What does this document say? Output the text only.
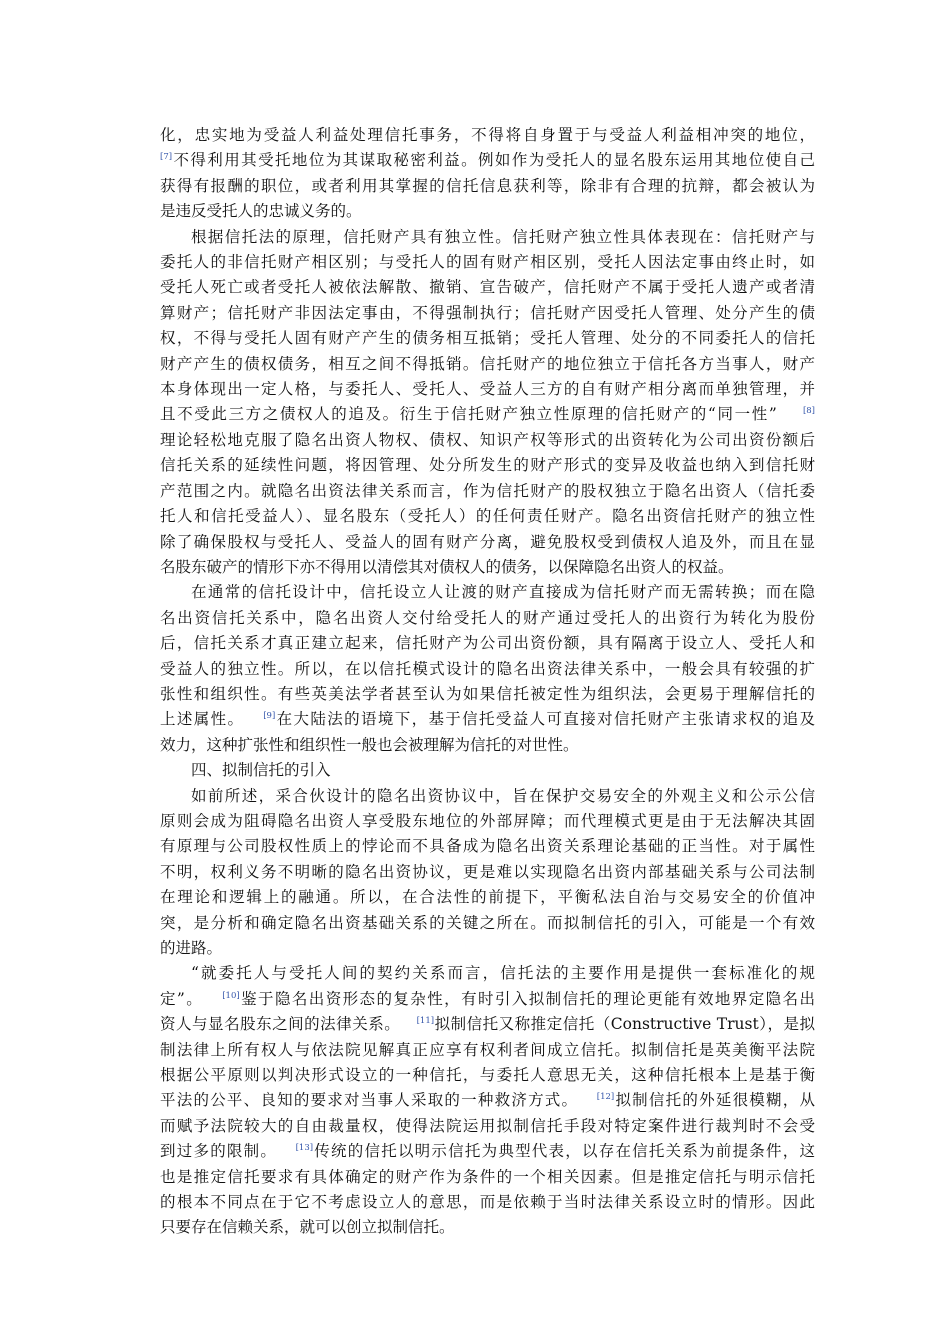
化，忠实地为受益人利益处理信托事务，不得将自身置于与受益人利益相冲突的地位，
[7]不得利用其受托地位为其谋取秘密利益。例如作为受托人的显名股东运用其地位使自己
获得有报酬的职位，或者利用其掌握的信托信息获利等，除非有合理的抗辩，都会被认为
是违反受托人的忠诚义务的。

根据信托法的原理，信托财产具有独立性。信托财产独立性具体表现在：信托财产与
委托人的非信托财产相区别；与受托人的固有财产相区别，受托人因法定事由终止时，如
受托人死亡或者受托人被依法解散、撤销、宣告破产，信托财产不属于受托人遗产或者清
算财产；信托财产非因法定事由，不得强制执行；信托财产因受托人管理、处分产生的债
权，不得与受托人固有财产产生的债务相互抵销；受托人管理、处分的不同委托人的信托
财产产生的债权债务，相互之间不得抵销。信托财产的地位独立于信托各方当事人，财产
本身体现出一定人格，与委托人、受托人、受益人三方的自有财产相分离而单独管理，并
且不受此三方之债权人的追及。衍生于信托财产独立性原理的信托财产的“同一性”	[8]
理论轻松地克服了隐名出资人物权、债权、知识产权等形式的出资转化为公司出资份额后
信托关系的延续性问题，将因管理、处分所发生的财产形式的变异及收益也纳入到信托财
产范围之内。就隐名出资法律关系而言，作为信托财产的股权独立于隐名出资人（信托委
托人和信托受益人）、显名股东（受托人）的任何责任财产。隐名出资信托财产的独立性
除了确保股权与受托人、受益人的固有财产分离，避免股权受到债权人追及外，而且在显
名股东破产的情形下亦不得用以清偿其对债权人的债务，以保障隐名出资人的权益。

在通常的信托设计中，信托设立人让渡的财产直接成为信托财产而无需转换；而在隐
名出资信托关系中，隐名出资人交付给受托人的财产通过受托人的出资行为转化为股份
后，信托关系才真正建立起来，信托财产为公司出资份额，具有隔离于设立人、受托人和
受益人的独立性。所以，在以信托模式设计的隐名出资法律关系中，一般会具有较强的扩
张性和组织性。有些英美法学者甚至认为如果信托被定性为组织法，会更易于理解信托的
上述属性。 [9]在大陆法的语境下，基于信托受益人可直接对信托财产主张请求权的追及
效力，这种扩张性和组织性一般也会被理解为信托的对世性。

四、拟制信托的引入

如前所述，采合伙设计的隐名出资协议中，旨在保护交易安全的外观主义和公示公信
原则会成为阻碍隐名出资人享受股东地位的外部屏障；而代理模式更是由于无法解决其固
有原理与公司股权性质上的悖论而不具备成为隐名出资关系理论基础的正当性。对于属性
不明，权利义务不明晰的隐名出资协议，更是难以实现隐名出资内部基础关系与公司法制
在理论和逻辑上的融通。所以，在合法性的前提下，平衡私法自治与交易安全的价值冲
突，是分析和确定隐名出资基础关系的关键之所在。而拟制信托的引入，可能是一个有效
的进路。

“就委托人与受托人间的契约关系而言，信托法的主要作用是提供一套标准化的规
定”。 [10]鉴于隐名出资形态的复杂性，有时引入拟制信托的理论更能有效地界定隐名出
资人与显名股东之间的法律关系。 [11]拟制信托又称推定信托（Constructive Trust），是拟
制法律上所有权人与依法院见解真正应享有权利者间成立信托。拟制信托是英美衡平法院
根据公平原则以判决形式设立的一种信托，与委托人意思无关，这种信托根本上是基于衡
平法的公平、良知的要求对当事人采取的一种救济方式。 [12]拟制信托的外延很模糊，从
而赋予法院较大的自由裁量权，使得法院运用拟制信托手段对特定案件进行裁判时不会受
到过多的限制。 [13]传统的信托以明示信托为典型代表，以存在信托关系为前提条件，这
也是推定信托要求有具体确定的财产作为条件的一个相关因素。但是推定信托与明示信托
的根本不同点在于它不考虑设立人的意思，而是依赖于当时法律关系设立时的情形。因此
只要存在信赖关系，就可以创立拟制信托。
